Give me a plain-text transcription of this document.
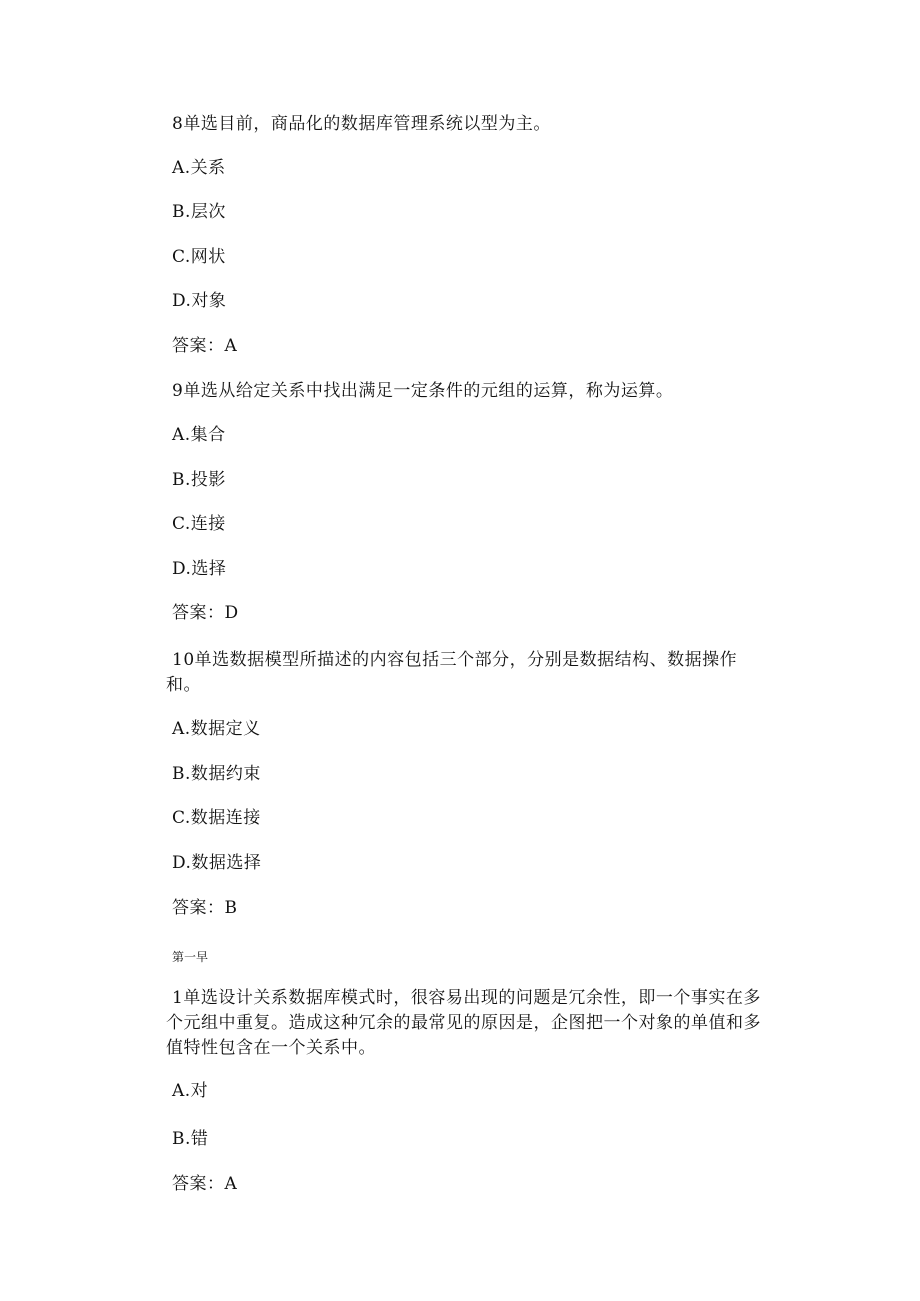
8单选目前，商品化的数据库管理系统以型为主。
A.关系
B.层次
C.网状
D.对象
答案：A
9单选从给定关系中找出满足一定条件的元组的运算，称为运算。
A.集合
B.投影
C.连接
D.选择
答案：D
10单选数据模型所描述的内容包括三个部分，分别是数据结构、数据操作和。
A.数据定义
B.数据约束
C.数据连接
D.数据选择
答案：B
第一早
1单选设计关系数据库模式时，很容易出现的问题是冗余性，即一个事实在多个元组中重复。造成这种冗余的最常见的原因是，企图把一个对象的单值和多值特性包含在一个关系中。
A.对
B.错
答案：A
